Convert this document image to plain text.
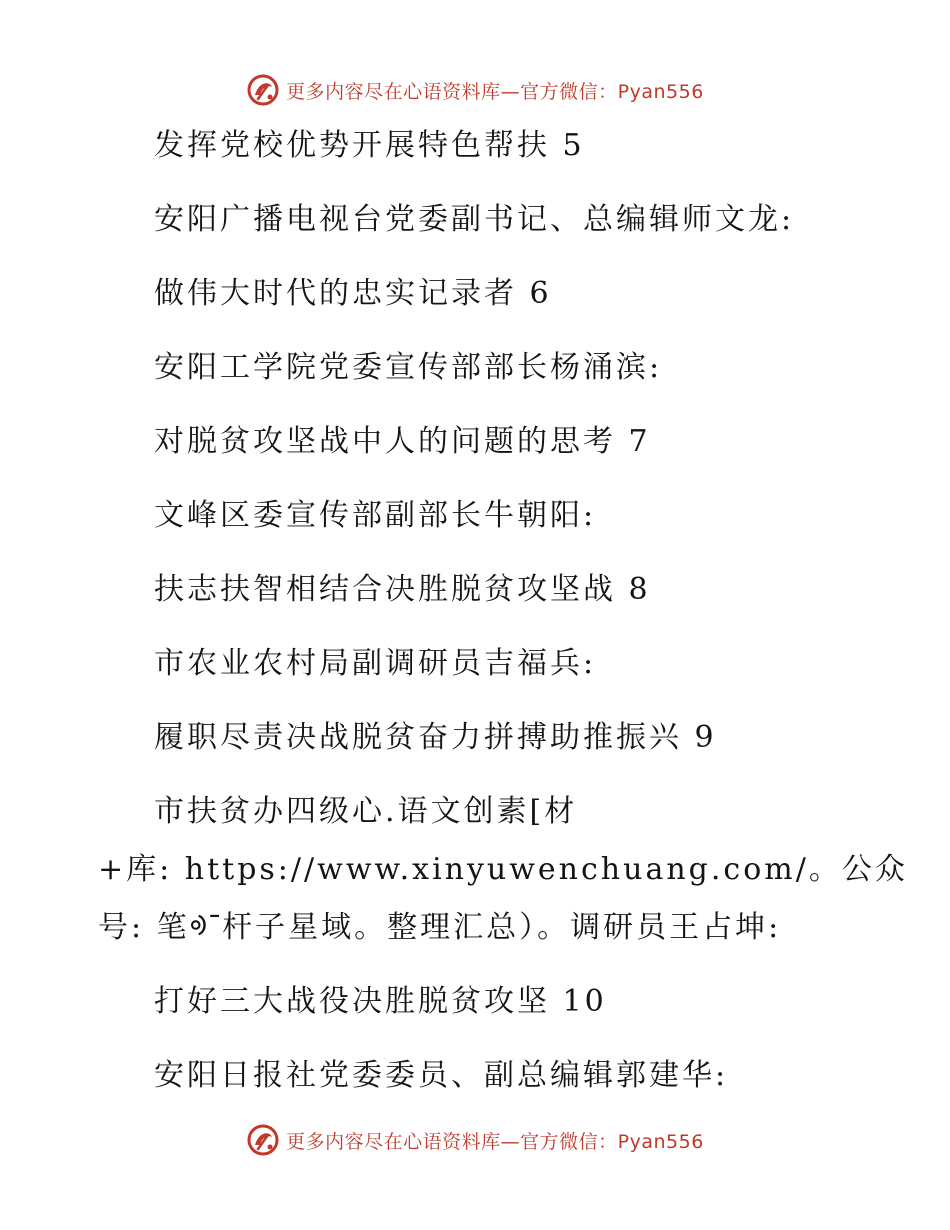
更多内容尽在心语资料库—官方微信：Pyan556
发挥党校优势开展特色帮扶 5
安阳广播电视台党委副书记、总编辑师文龙:
做伟大时代的忠实记录者 6
安阳工学院党委宣传部部长杨涌滨:
对脱贫攻坚战中人的问题的思考 7
文峰区委宣传部副部长牛朝阳:
扶志扶智相结合决胜脱贫攻坚战 8
市农业农村局副调研员吉福兵:
履职尽责决战脱贫奋力拼搏助推振兴 9
市扶贫办四级心.语文创素[材
+库: https://www.xinyuwenchuang.com/。公众
号: 笔ᢀ¯杆子星域。整理汇总）。调研员王占坤:
打好三大战役决胜脱贫攻坚 10
安阳日报社党委委员、副总编辑郭建华:
更多内容尽在心语资料库—官方微信：Pyan556
